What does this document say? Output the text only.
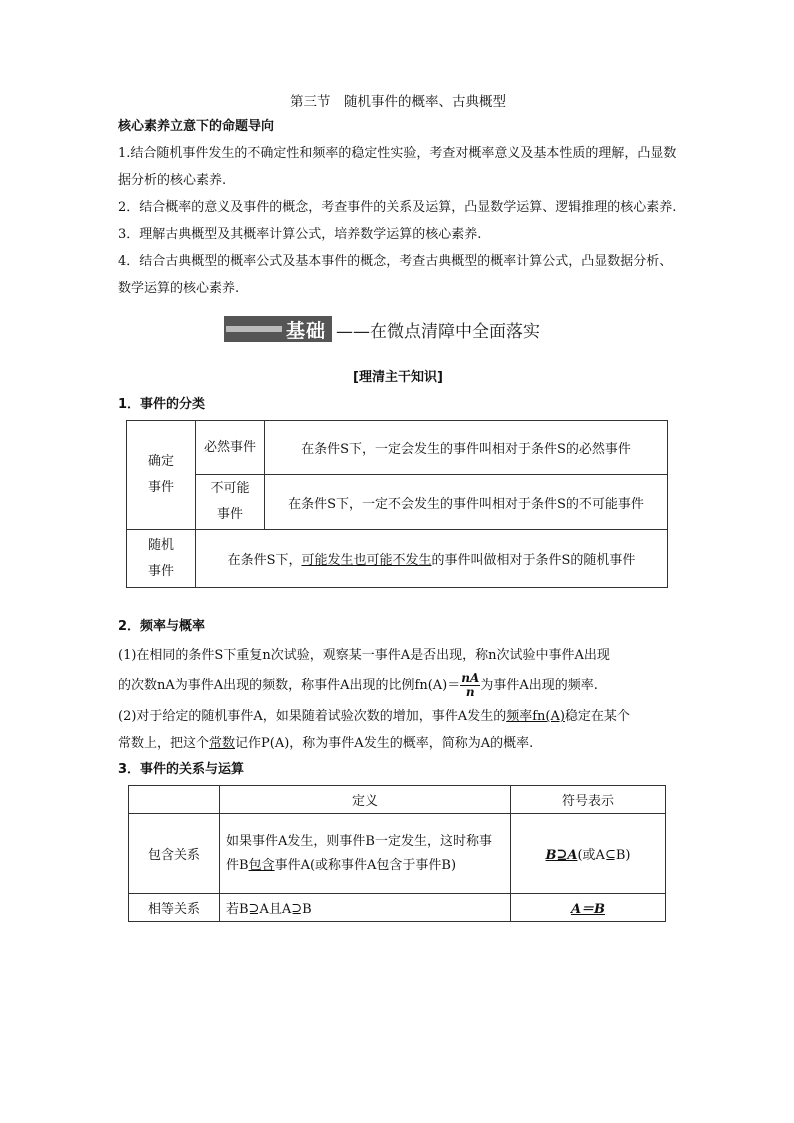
第三节　随机事件的概率、古典概型
核心素养立意下的命题导向
1.结合随机事件发生的不确定性和频率的稳定性实验，考查对概率意义及基本性质的理解，凸显数据分析的核心素养.
2．结合概率的意义及事件的概念，考查事件的关系及运算，凸显数学运算、逻辑推理的核心素养.
3．理解古典概型及其概率计算公式，培养数学运算的核心素养.
4．结合古典概型的概率公式及基本事件的概念，考查古典概型的概率计算公式，凸显数据分析、数学运算的核心素养.
基础 ——在微点清障中全面落实
[理清主干知识]
1．事件的分类
确定事件	必然事件	在条件S下，一定会发生的事件叫相对于条件S的必然事件
	不可能事件	在条件S下，一定不会发生的事件叫相对于条件S的不可能事件
随机事件	在条件S下，可能发生也可能不发生的事件叫做相对于条件S的随机事件	
2．频率与概率
(1)在相同的条件S下重复n次试验，观察某一事件A是否出现，称n次试验中事件A出现
的次数nA为事件A出现的频数，称事件A出现的比例$fn(A)= \frac{nA}{n}$ 为事件A出现的频率.
(2)对于给定的随机事件A，如果随着试验次数的增加，事件A发生的频率fn(A)稳定在某个
常数上，把这个常数记作P(A)，称为事件A发生的概率，简称为A的概率.
3．事件的关系与运算
	定义	符号表示
包含关系	如果事件A发生，则事件B一定发生，这时称事件B包含事件A(或称事件A包含于事件B)	B⊇A(或A⊆B)
相等关系	若B⊇A且A⊇B	A＝B
